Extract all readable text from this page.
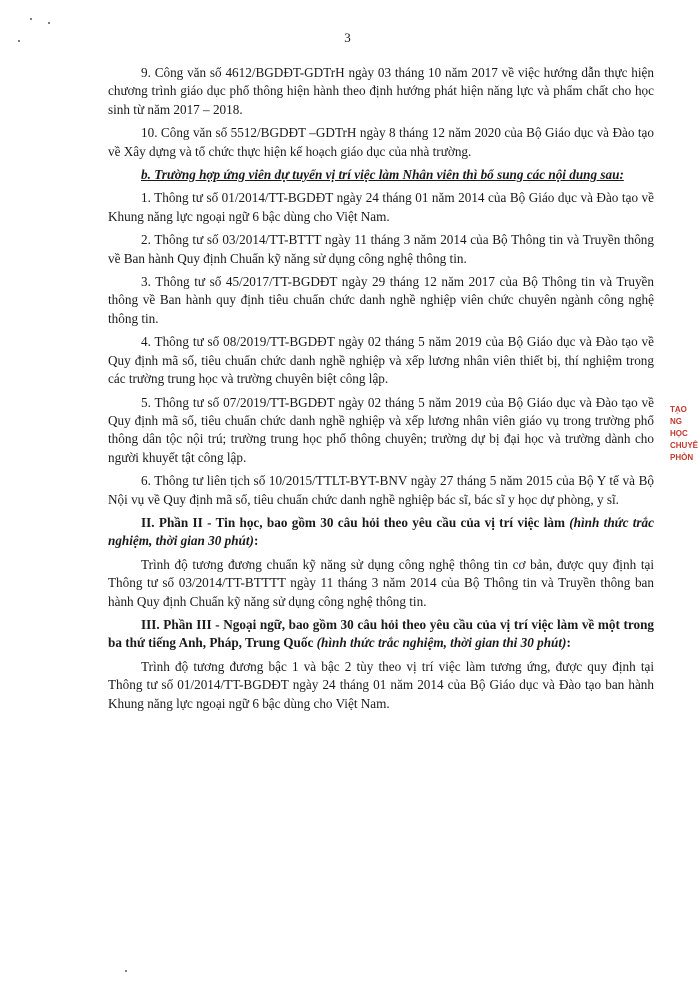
3

9. Công văn số 4612/BGDĐT-GDTrH ngày 03 tháng 10 năm 2017 về việc hướng dẫn thực hiện chương trình giáo dục phổ thông hiện hành theo định hướng phát hiện năng lực và phẩm chất cho học sinh từ năm 2017 – 2018.

10. Công văn số 5512/BGDĐT –GDTrH ngày 8 tháng 12 năm 2020 của Bộ Giáo dục và Đào tạo về Xây dựng và tổ chức thực hiện kế hoạch giáo dục của nhà trường.

b. Trường hợp ứng viên dự tuyển vị trí việc làm Nhân viên thì bổ sung các nội dung sau:

1. Thông tư số 01/2014/TT-BGDĐT ngày 24 tháng 01 năm 2014 của Bộ Giáo dục và Đào tạo về Khung năng lực ngoại ngữ 6 bậc dùng cho Việt Nam.

2. Thông tư số 03/2014/TT-BTTT ngày 11 tháng 3 năm 2014 của Bộ Thông tin và Truyền thông về Ban hành Quy định Chuẩn kỹ năng sử dụng công nghệ thông tin.

3. Thông tư số 45/2017/TT-BGDĐT ngày 29 tháng 12 năm 2017 của Bộ Thông tin và Truyền thông về Ban hành quy định tiêu chuẩn chức danh nghề nghiệp viên chức chuyên ngành công nghệ thông tin.

4. Thông tư số 08/2019/TT-BGDĐT ngày 02 tháng 5 năm 2019 của Bộ Giáo dục và Đào tạo về Quy định mã số, tiêu chuẩn chức danh nghề nghiệp và xếp lương nhân viên thiết bị, thí nghiệm trong các trường trung học và trường chuyên biệt công lập.

5. Thông tư số 07/2019/TT-BGDĐT ngày 02 tháng 5 năm 2019 của Bộ Giáo dục và Đào tạo về Quy định mã số, tiêu chuẩn chức danh nghề nghiệp và xếp lương nhân viên giáo vụ trong trường phổ thông dân tộc nội trú; trường trung học phổ thông chuyên; trường dự bị đại học và trường dành cho người khuyết tật công lập.

6. Thông tư liên tịch số 10/2015/TTLT-BYT-BNV ngày 27 tháng 5 năm 2015 của Bộ Y tế và Bộ Nội vụ về Quy định mã số, tiêu chuẩn chức danh nghề nghiệp bác sĩ, bác sĩ y học dự phòng, y sĩ.

II. Phần II - Tin học, bao gồm 30 câu hỏi theo yêu cầu của vị trí việc làm (hình thức trắc nghiệm, thời gian 30 phút):

Trình độ tương đương chuẩn kỹ năng sử dụng công nghệ thông tin cơ bản, được quy định tại Thông tư số 03/2014/TT-BTTTT ngày 11 tháng 3 năm 2014 của Bộ Thông tin và Truyền thông ban hành Quy định Chuẩn kỹ năng sử dụng công nghệ thông tin.

III. Phần III - Ngoại ngữ, bao gồm 30 câu hỏi theo yêu cầu của vị trí việc làm về một trong ba thứ tiếng Anh, Pháp, Trung Quốc (hình thức trắc nghiệm, thời gian thi 30 phút):

Trình độ tương đương bậc 1 và bậc 2 tùy theo vị trí việc làm tương ứng, được quy định tại Thông tư số 01/2014/TT-BGDĐT ngày 24 tháng 01 năm 2014 của Bộ Giáo dục và Đào tạo ban hành Khung năng lực ngoại ngữ 6 bậc dùng cho Việt Nam.

TẠO
NG
HỌC
CHUYÊ
PHÒN
